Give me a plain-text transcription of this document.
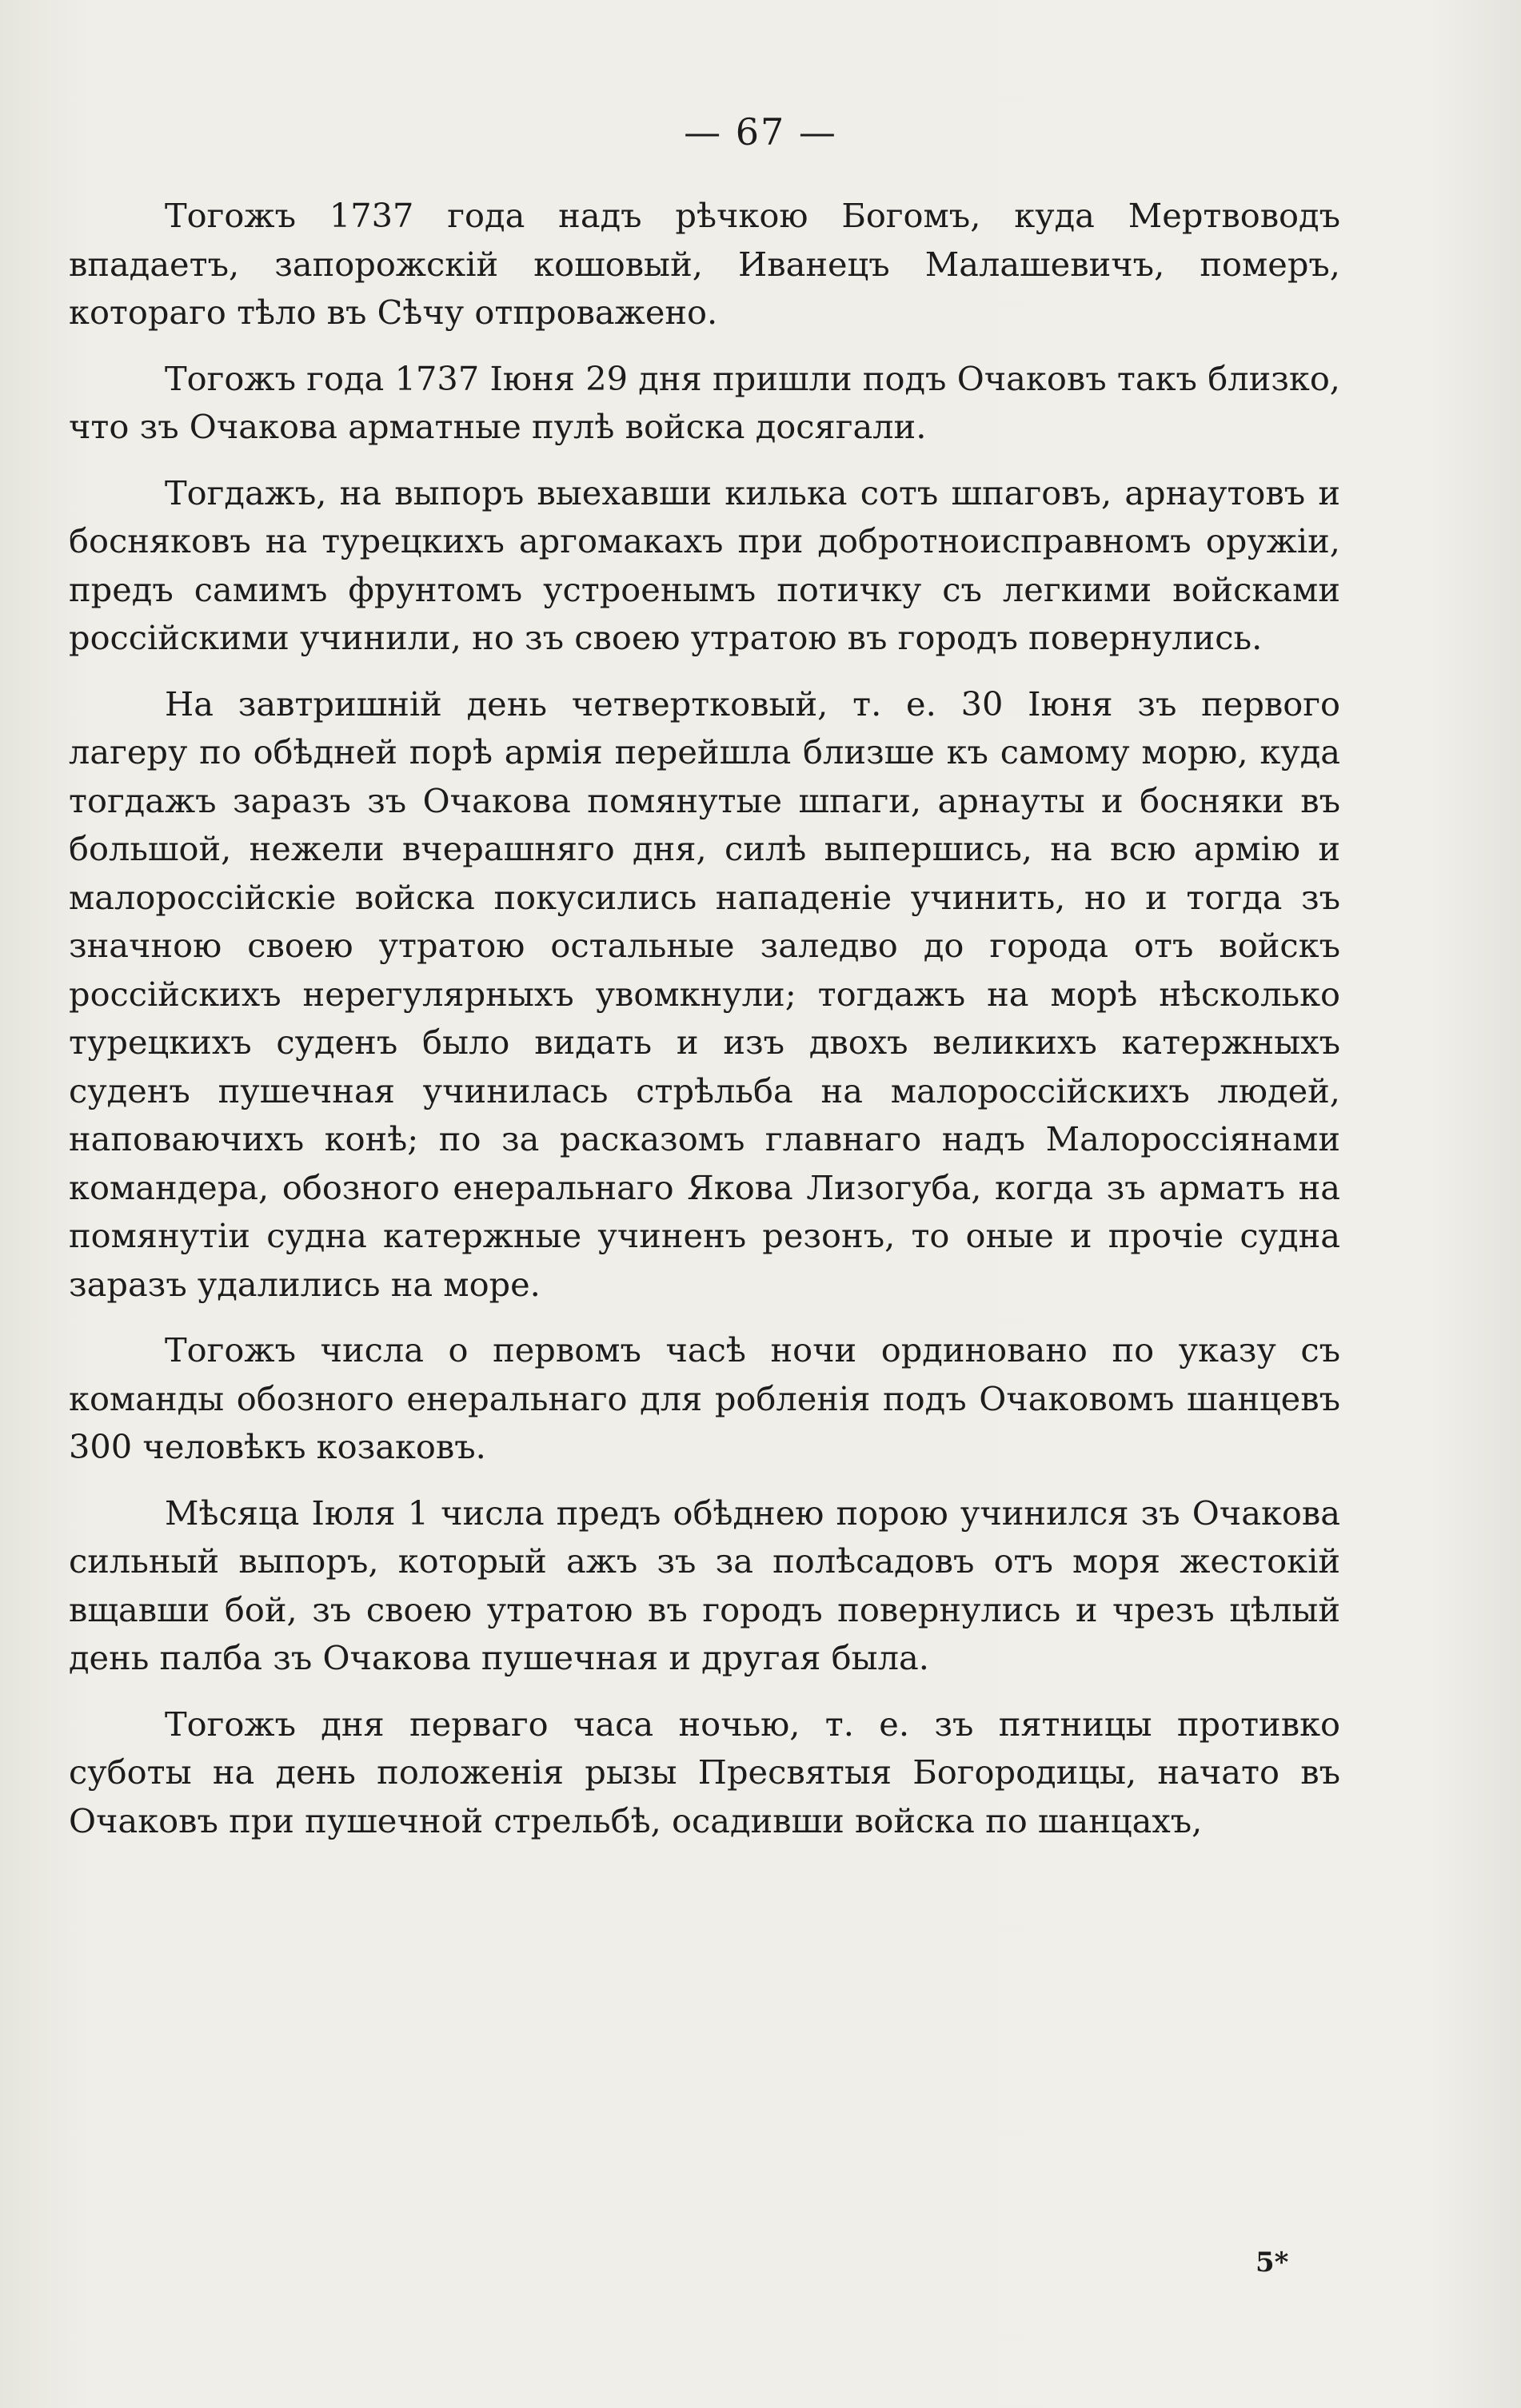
— 67 —

Тогожъ 1737 года надъ рѣчкою Богомъ, куда Мертвоводъ впадаетъ, запорожскій кошовый, Иванецъ Малашевичъ, померъ, котораго тѣло въ Сѣчу отпроважено.

Тогожъ года 1737 Іюня 29 дня пришли подъ Очаковъ такъ близко, что зъ Очакова арматные пулѣ войска досягали.

Тогдажъ, на выпоръ выехавши килька сотъ шпаговъ, арнаутовъ и босняковъ на турецкихъ аргомакахъ при добротноисправномъ оружіи, предъ самимъ фрунтомъ устроенымъ потичку съ легкими войсками россійскими учинили, но зъ своею утратою въ городъ повернулись.

На завтришній день четвертковый, т. е. 30 Іюня зъ первого лагеру по обѣдней порѣ армія перейшла близше къ самому морю, куда тогдажъ заразъ зъ Очакова помянутые шпаги, арнауты и босняки въ большой, нежели вчерашняго дня, силѣ выпершись, на всю армію и малороссійскіе войска покусились нападеніе учинить, но и тогда зъ значною своею утратою остальные заледво до города отъ войскъ россійскихъ нерегулярныхъ увомкнули; тогдажъ на морѣ нѣсколько турецкихъ суденъ было видать и изъ двохъ великихъ катержныхъ суденъ пушечная учинилась стрѣльба на малороссійскихъ людей, наповаючихъ конѣ; по за расказомъ главнаго надъ Малороссіянами командера, обозного енеральнаго Якова Лизогуба, когда зъ арматъ на помянутіи судна катержные учиненъ резонъ, то оные и прочіе судна заразъ удалились на море.

Тогожъ числа о первомъ часѣ ночи ординовано по указу съ команды обозного енеральнаго для робленія подъ Очаковомъ шанцевъ 300 человѣкъ козаковъ.

Мѣсяца Іюля 1 числа предъ обѣднею порою учинился зъ Очакова сильный выпоръ, который ажъ зъ за полѣсадовъ отъ моря жестокій вщавши бой, зъ своею утратою въ городъ повернулись и чрезъ цѣлый день палба зъ Очакова пушечная и другая была.

Тогожъ дня перваго часа ночью, т. е. зъ пятницы противко суботы на день положенія рызы Пресвятыя Богородицы, начато въ Очаковъ при пушечной стрельбѣ, осадивши войска по шанцахъ,

5*
